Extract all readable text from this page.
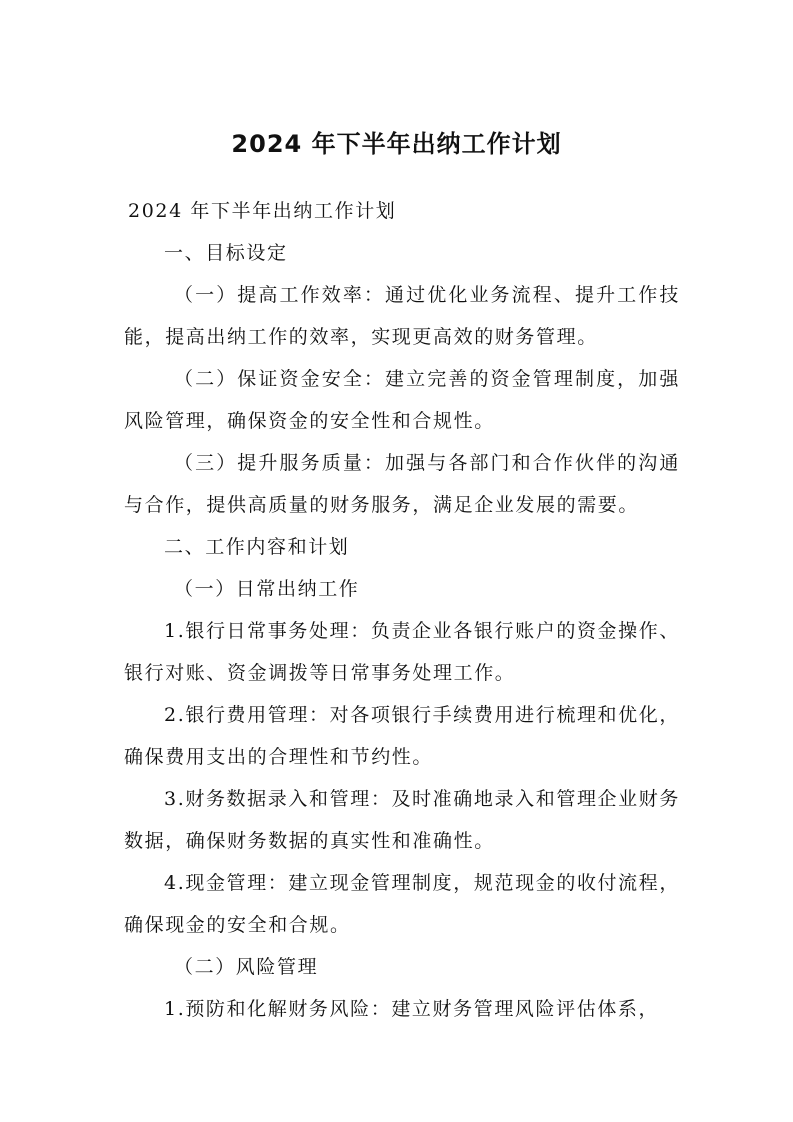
2024 年下半年出纳工作计划

2024 年下半年出纳工作计划

一、目标设定

（一）提高工作效率：通过优化业务流程、提升工作技能，提高出纳工作的效率，实现更高效的财务管理。

（二）保证资金安全：建立完善的资金管理制度，加强风险管理，确保资金的安全性和合规性。

（三）提升服务质量：加强与各部门和合作伙伴的沟通与合作，提供高质量的财务服务，满足企业发展的需要。

二、工作内容和计划

（一）日常出纳工作

1.银行日常事务处理：负责企业各银行账户的资金操作、银行对账、资金调拨等日常事务处理工作。

2.银行费用管理：对各项银行手续费用进行梳理和优化，确保费用支出的合理性和节约性。

3.财务数据录入和管理：及时准确地录入和管理企业财务数据，确保财务数据的真实性和准确性。

4.现金管理：建立现金管理制度，规范现金的收付流程，确保现金的安全和合规。

（二）风险管理

1.预防和化解财务风险：建立财务管理风险评估体系，
